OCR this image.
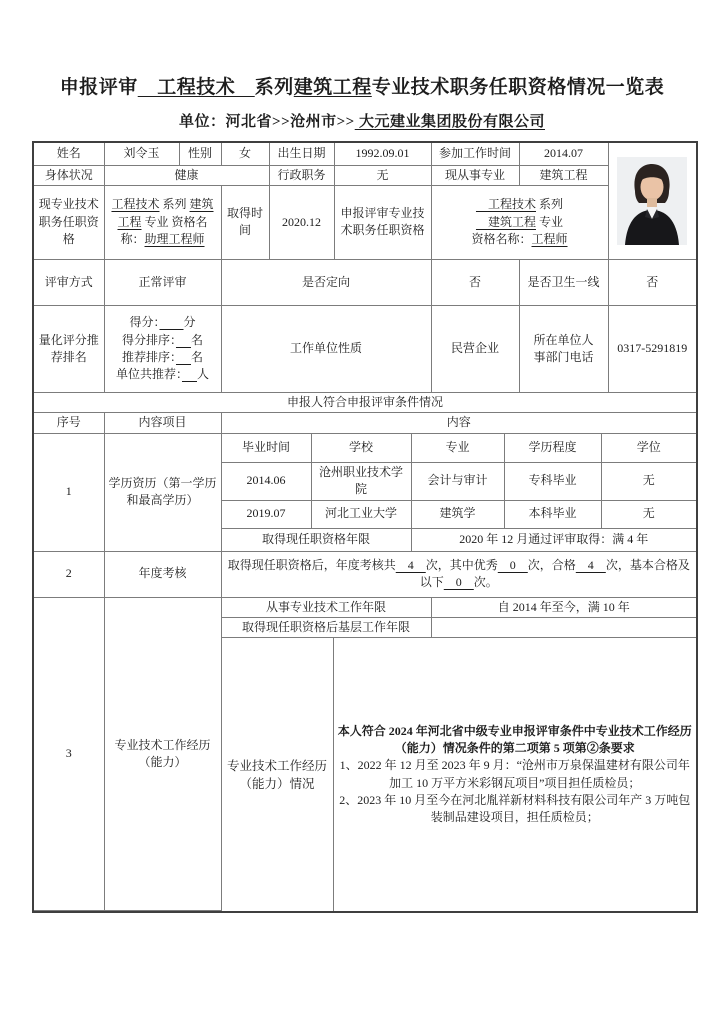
申报评审　工程技术　系列建筑工程专业技术职务任职资格情况一览表
单位：河北省>>沧州市>> 大元建业集团股份有限公司
姓名	刘令玉	性别	女	出生日期	1992.09.01	参加工作时间	2014.07	

身体状况	健康			行政职务	无	现从事专业	建筑工程	
现专业技术职务任职资格	工程技术 系列 建筑工程 专业 资格名称：助理工程师		取得时间	2020.12	申报评审专业技术职务任职资格	　工程技术 系列
　建筑工程 专业
资格名称：工程师		
评审方式	正常评审		是否定向			否	是否卫生一线	否
量化评分推荐排名	得分：　　 分
得分排序：　 名
推荐排序：　 名
单位共推荐：　 人		工作单位性质			民营企业	所在单位人事部门电话	0317-5291819
申报人符合申报评审条件情况								
序号	内容项目	内容						
1	学历资历（第一学历和最高学历）	毕业时间	学校		专业		学历程度	学位
		2014.06	沧州职业技术学院		会计与审计		专科毕业	无
		2019.07	河北工业大学		建筑学		本科毕业	无
		取得现任职资格年限			2020 年 12 月通过评审取得：满 4 年			
2	年度考核	取得现任职资格后，年度考核共　4　次，其中优秀　0　次，合格　4　次，基本合格及以下　0　次。						
3	专业技术工作经历（能力）	从事专业技术工作年限				自 2014 年至今，满 10 年		
		取得现任职资格后基层工作年限						
		专业技术工作经历（能力）情况		本人符合 2024 年河北省中级专业申报评审条件中专业技术工作经历（能力）情况条件的第二项第 5 项第②条要求
1、2022 年 12 月至 2023 年 9 月：“沧州市万泉保温建材有限公司年加工 10 万平方米彩钢瓦项目”项目担任质检员；
2、2023 年 10 月至今在河北胤祥新材料科技有限公司年产 3 万吨包装制品建设项目，担任质检员；				
